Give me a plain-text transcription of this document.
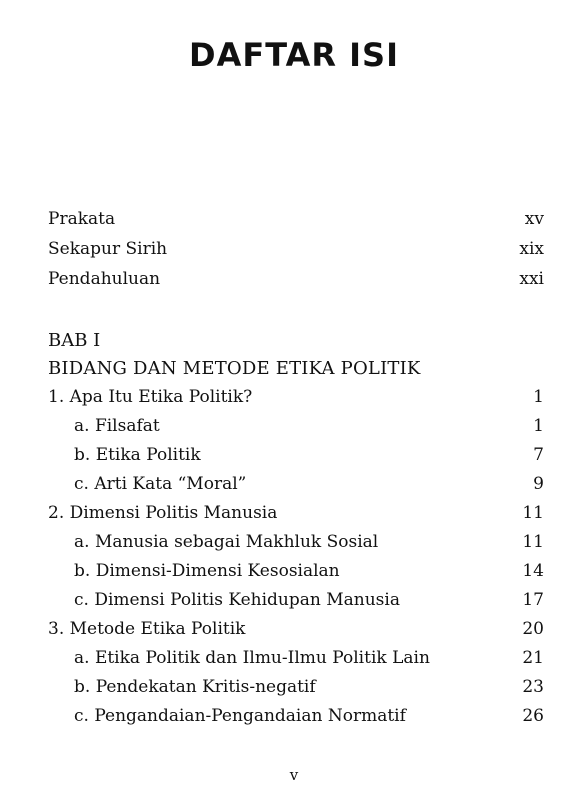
DAFTAR ISI
Prakata	xv
Sekapur Sirih	xix
Pendahuluan	xxi
BAB I
BIDANG DAN METODE ETIKA POLITIK
1. Apa Itu Etika Politik?	1
a. Filsafat	1
b. Etika Politik	7
c. Arti Kata “Moral”	9
2. Dimensi Politis Manusia	11
a. Manusia sebagai Makhluk Sosial	11
b. Dimensi-Dimensi Kesosialan	14
c. Dimensi Politis Kehidupan Manusia	17
3. Metode Etika Politik	20
a. Etika Politik dan Ilmu-Ilmu Politik Lain	21
b. Pendekatan Kritis-negatif	23
c. Pengandaian-Pengandaian Normatif	26
v
